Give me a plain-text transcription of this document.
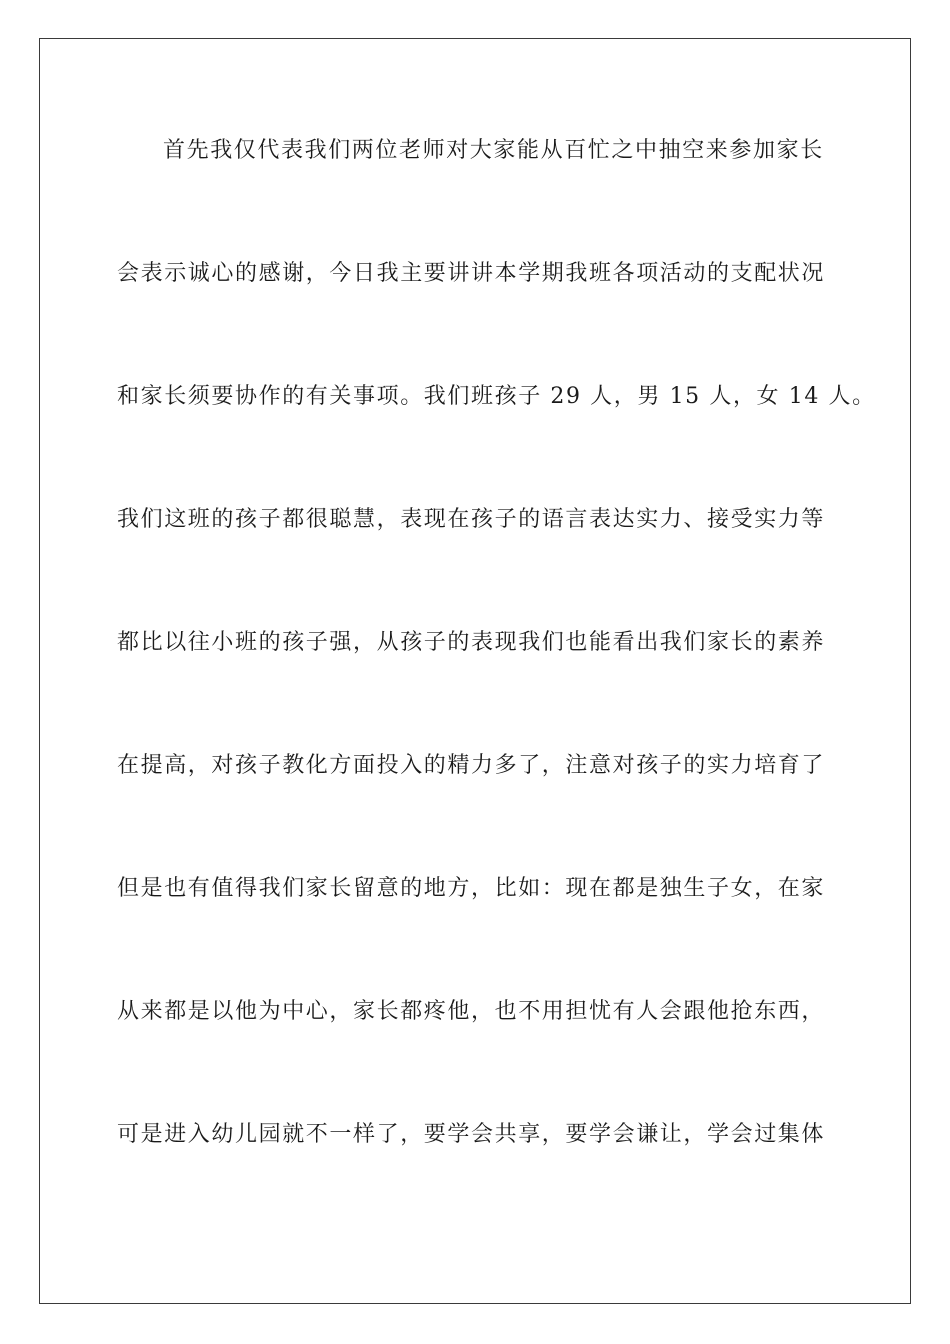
首先我仅代表我们两位老师对大家能从百忙之中抽空来参加家长
会表示诚心的感谢，今日我主要讲讲本学期我班各项活动的支配状况
和家长须要协作的有关事项。我们班孩子 29 人，男 15 人，女 14 人。
我们这班的孩子都很聪慧，表现在孩子的语言表达实力、接受实力等
都比以往小班的孩子强，从孩子的表现我们也能看出我们家长的素养
在提高，对孩子教化方面投入的精力多了，注意对孩子的实力培育了
但是也有值得我们家长留意的地方，比如：现在都是独生子女，在家
从来都是以他为中心，家长都疼他，也不用担忧有人会跟他抢东西，
可是进入幼儿园就不一样了，要学会共享，要学会谦让，学会过集体
